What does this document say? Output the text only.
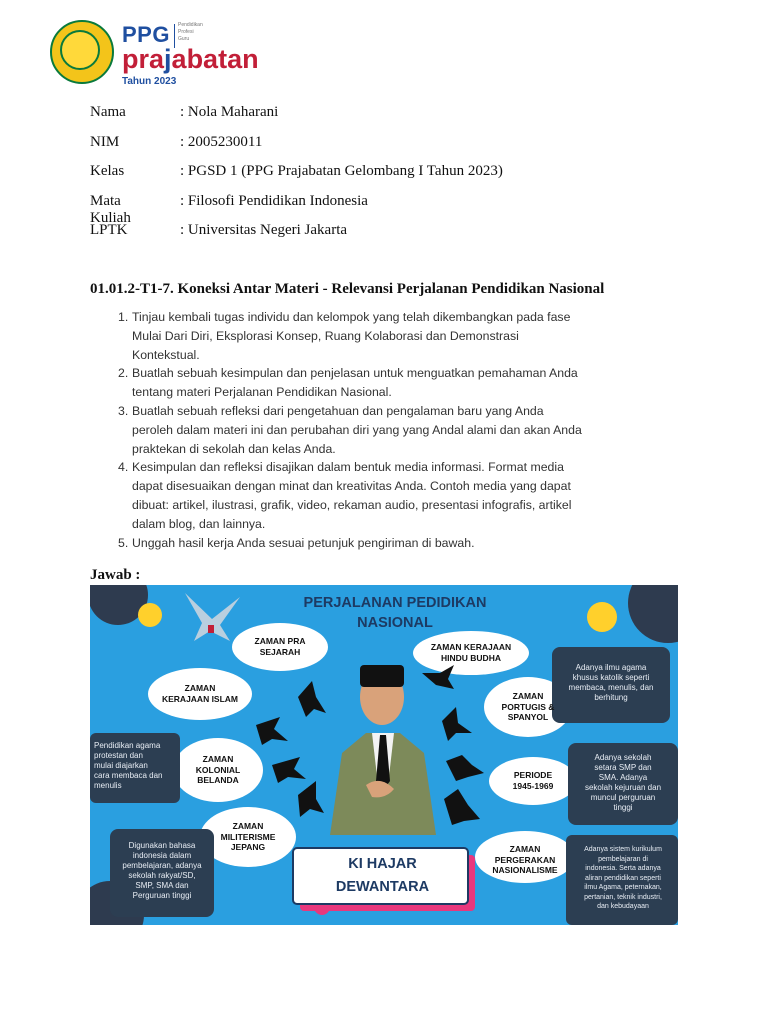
PPG Pendidikan
Profesi
Guru
prajabatan
Tahun 2023
Nama	: Nola Maharani
NIM	: 2005230011
Kelas	: PGSD 1 (PPG Prajabatan Gelombang I Tahun 2023)
Mata Kuliah
: Filosofi Pendidikan Indonesia
LPTK	: Universitas Negeri Jakarta
01.01.2-T1-7. Koneksi Antar Materi - Relevansi Perjalanan Pendidikan Nasional
1. Tinjau kembali tugas individu dan kelompok yang telah dikembangkan pada fase Mulai Dari Diri, Eksplorasi Konsep, Ruang Kolaborasi dan Demonstrasi Kontekstual.
2. Buatlah sebuah kesimpulan dan penjelasan untuk menguatkan pemahaman Anda tentang materi Perjalanan Pendidikan Nasional.
3. Buatlah sebuah refleksi dari pengetahuan dan pengalaman baru yang Anda peroleh dalam materi ini dan perubahan diri yang yang Andal alami dan akan Anda praktekan di sekolah dan kelas Anda.
4. Kesimpulan dan refleksi disajikan dalam bentuk media informasi. Format media dapat disesuaikan dengan minat dan kreativitas Anda. Contoh media yang dapat dibuat: artikel, ilustrasi, grafik, video, rekaman audio, presentasi infografis, artikel dalam blog, dan lainnya.
5. Unggah hasil kerja Anda sesuai petunjuk pengiriman di bawah.
Jawab :
PERJALANAN PEDIDIKAN
NASIONAL
ZAMAN PRA
SEJARAH	ZAMAN KERAJAAN
HINDU BUDHA
ZAMAN
KERAJAAN ISLAM	ZAMAN
PORTUGIS &
SPANYOL
ZAMAN
KOLONIAL
BELANDA	PERIODE
1945-1969
ZAMAN
MILITERISME
JEPANG	ZAMAN
PERGERAKAN
NASIONALISME
Adanya ilmu agama
khusus katolik seperti
membaca, menulis, dan
berhitung
Pendidikan agama
protestan dan
mulai diajarkan
cara membaca dan
menulis
Adanya sekolah
setara SMP dan
SMA. Adanya
sekolah kejuruan dan
muncul perguruan
tinggi
Digunakan bahasa
indonesia dalam
pembelajaran, adanya
sekolah rakyat/SD,
SMP, SMA dan
Perguruan tinggi
Adanya sistem kurikulum
pembelajaran di
indonesia. Serta adanya
aliran pendidikan seperti
ilmu Agama, peternakan,
pertanian, teknik industri,
dan kebudayaan
KI HAJAR
DEWANTARA
